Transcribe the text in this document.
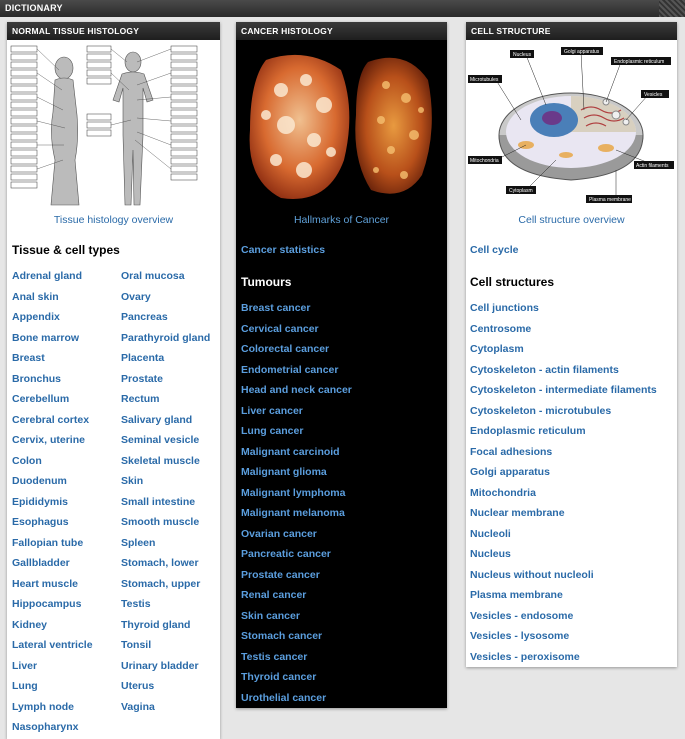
DICTIONARY
NORMAL TISSUE HISTOLOGY
Tissue histology overview
Tissue & cell types
Adrenal gland
Anal skin
Appendix
Bone marrow
Breast
Bronchus
Cerebellum
Cerebral cortex
Cervix, uterine
Colon
Duodenum
Epididymis
Esophagus
Fallopian tube
Gallbladder
Heart muscle
Hippocampus
Kidney
Lateral ventricle
Liver
Lung
Lymph node
Nasopharynx
Oral mucosa
Ovary
Pancreas
Parathyroid gland
Placenta
Prostate
Rectum
Salivary gland
Seminal vesicle
Skeletal muscle
Skin
Small intestine
Smooth muscle
Spleen
Stomach, lower
Stomach, upper
Testis
Thyroid gland
Tonsil
Urinary bladder
Uterus
Vagina
CANCER HISTOLOGY
Hallmarks of Cancer
Cancer statistics
Tumours
Breast cancer
Cervical cancer
Colorectal cancer
Endometrial cancer
Head and neck cancer
Liver cancer
Lung cancer
Malignant carcinoid
Malignant glioma
Malignant lymphoma
Malignant melanoma
Ovarian cancer
Pancreatic cancer
Prostate cancer
Renal cancer
Skin cancer
Stomach cancer
Testis cancer
Thyroid cancer
Urothelial cancer
CELL STRUCTURE
Nucleus	Golgi apparatus
Endoplasmic reticulum
Microtubules
Vesicles
Mitochondria
Cytoplasm
Actin filaments
Plasma membrane
Cell structure overview
Cell cycle
Cell structures
Cell junctions
Centrosome
Cytoplasm
Cytoskeleton - actin filaments
Cytoskeleton - intermediate filaments
Cytoskeleton - microtubules
Endoplasmic reticulum
Focal adhesions
Golgi apparatus
Mitochondria
Nuclear membrane
Nucleoli
Nucleus
Nucleus without nucleoli
Plasma membrane
Vesicles - endosome
Vesicles - lysosome
Vesicles - peroxisome
